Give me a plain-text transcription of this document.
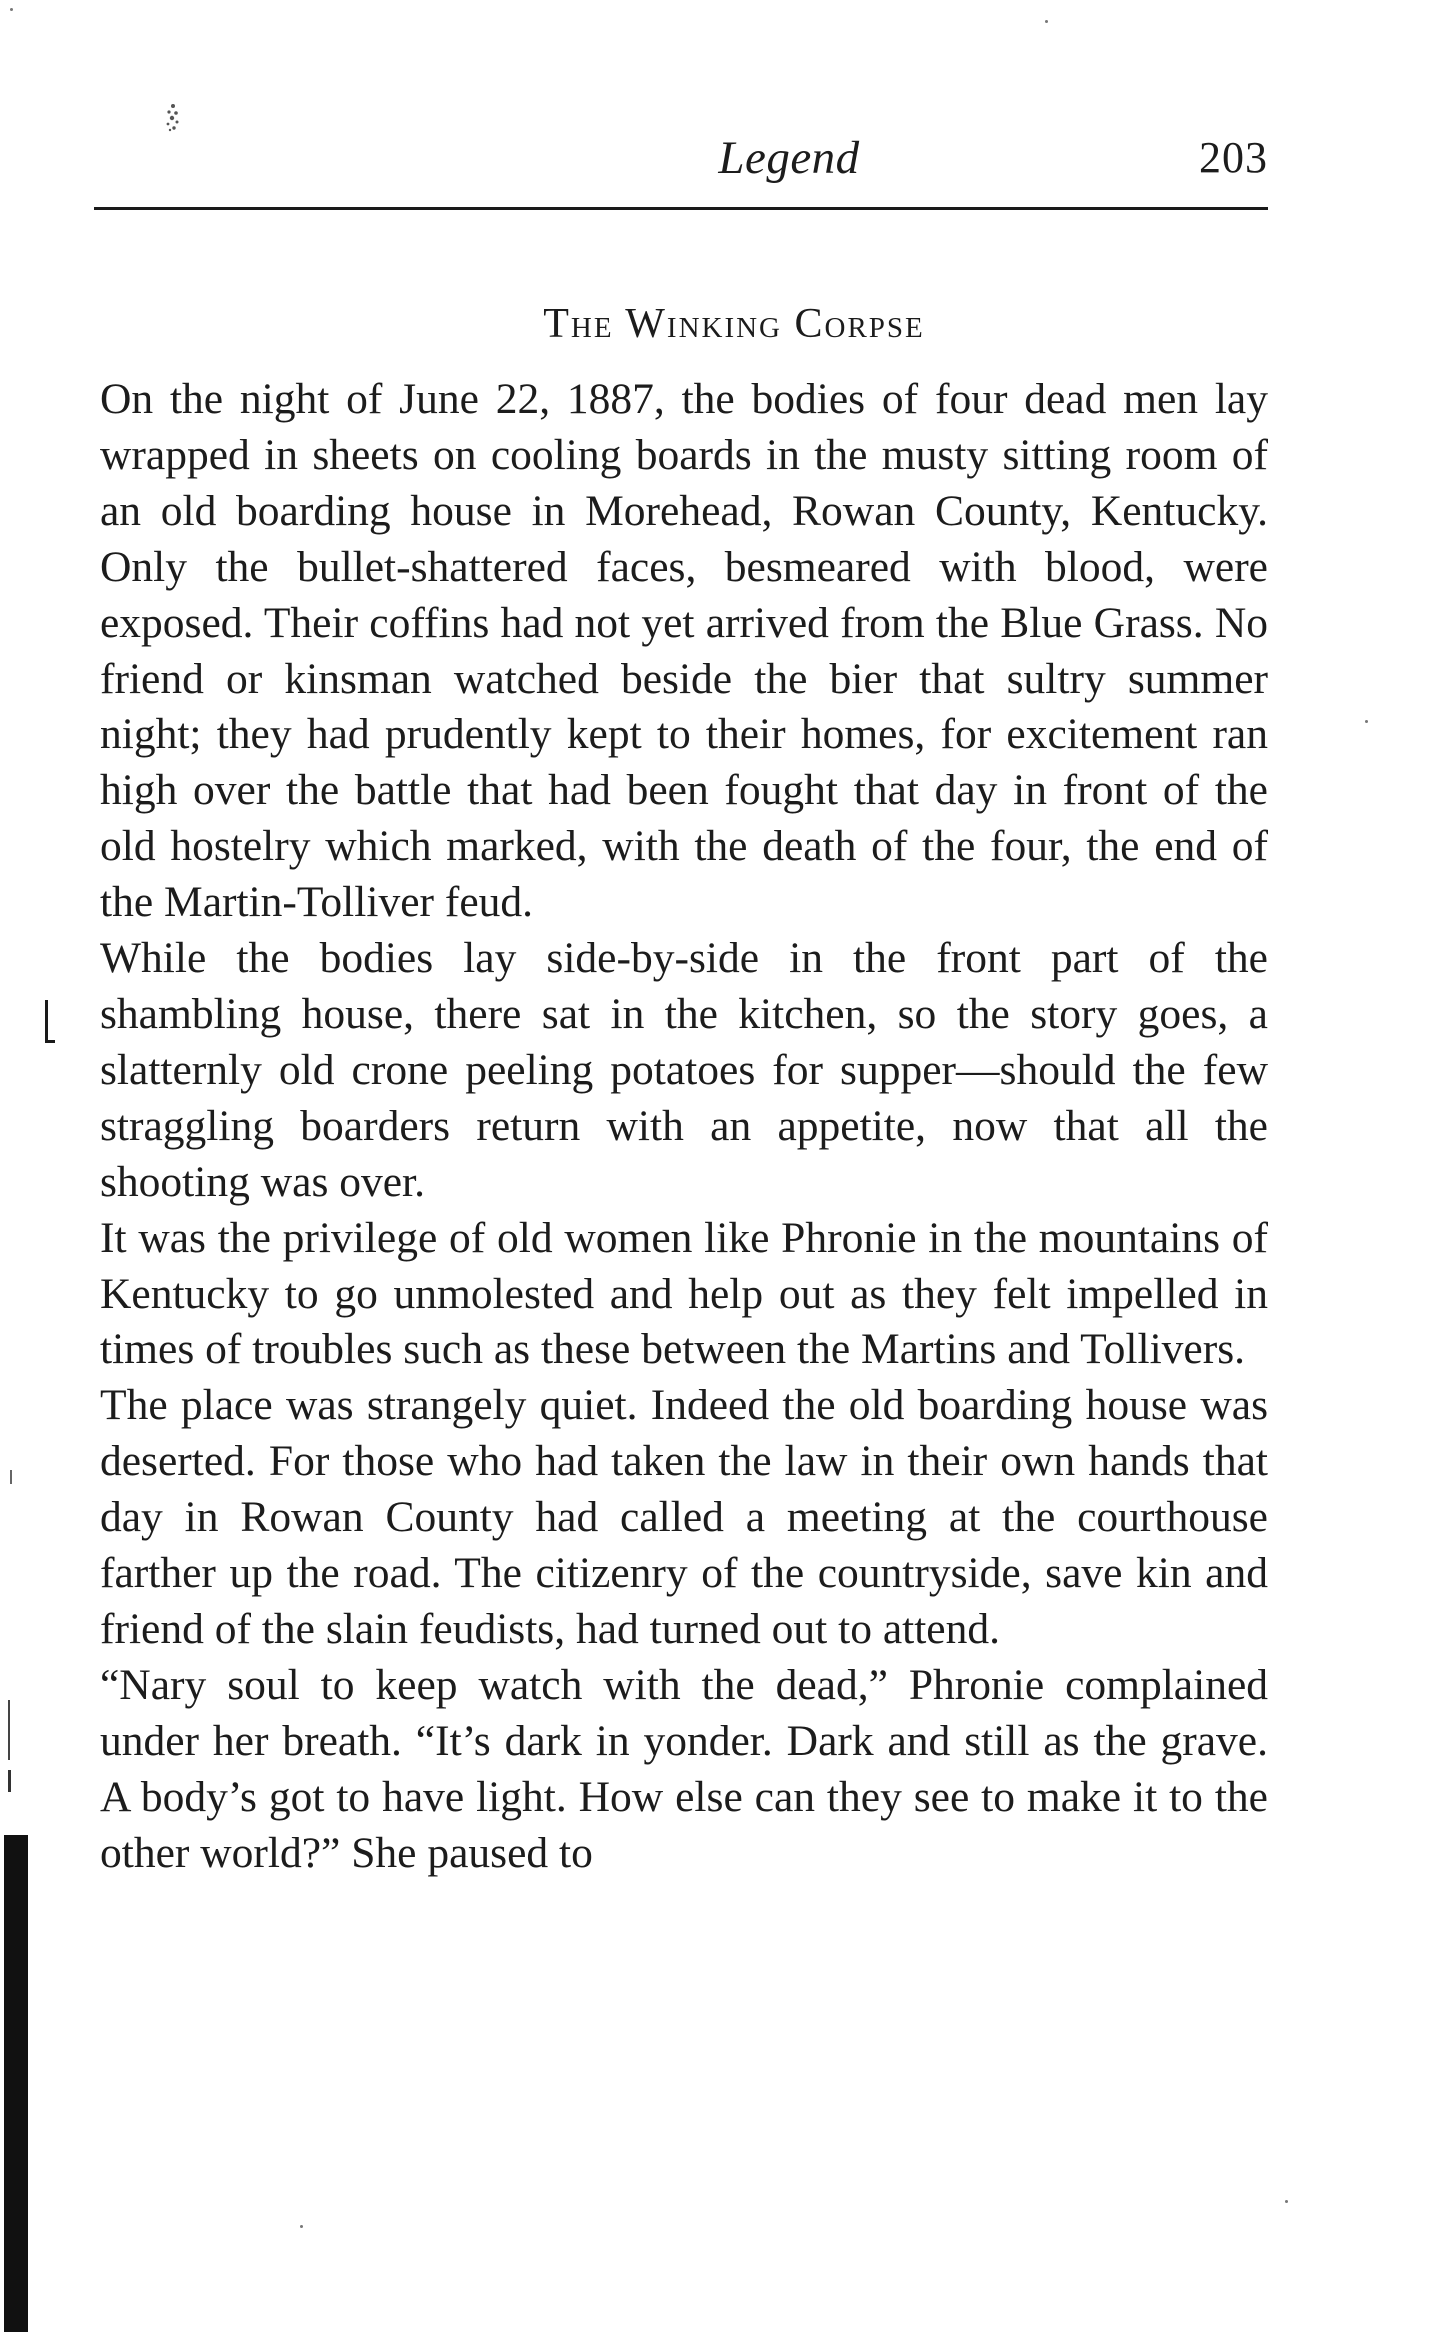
Legend	203
The Winking Corpse

On the night of June 22, 1887, the bodies of four dead men lay wrapped in sheets on cooling boards in the musty sitting room of an old boarding house in Morehead, Rowan County, Kentucky. Only the bullet-shattered faces, besmeared with blood, were exposed. Their coffins had not yet arrived from the Blue Grass. No friend or kinsman watched beside the bier that sultry summer night; they had prudently kept to their homes, for excitement ran high over the battle that had been fought that day in front of the old hostelry which marked, with the death of the four, the end of the Martin-Tolliver feud.

While the bodies lay side-by-side in the front part of the shambling house, there sat in the kitchen, so the story goes, a slatternly old crone peeling potatoes for supper—should the few straggling boarders return with an appetite, now that all the shooting was over.

It was the privilege of old women like Phronie in the mountains of Kentucky to go unmolested and help out as they felt impelled in times of troubles such as these between the Martins and Tollivers.

The place was strangely quiet. Indeed the old boarding house was deserted. For those who had taken the law in their own hands that day in Rowan County had called a meeting at the courthouse farther up the road. The citizenry of the countryside, save kin and friend of the slain feudists, had turned out to attend.

“Nary soul to keep watch with the dead,” Phronie complained under her breath. “It’s dark in yonder. Dark and still as the grave. A body’s got to have light. How else can they see to make it to the other world?” She paused to
